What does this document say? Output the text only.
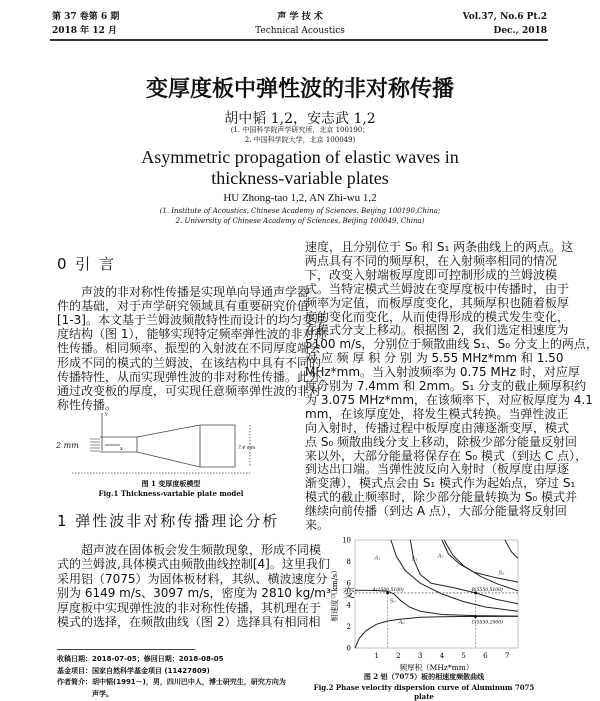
第 37 卷第 6 期
2018 年 12 月
声 学 技 术
Technical Acoustics
Vol.37, No.6 Pt.2
Dec., 2018
变厚度板中弹性波的非对称传播
胡中韬 1,2，安志武 1,2
(1. 中国科学院声学研究所，北京 100190；
2. 中国科学院大学，北京 100049)
Asymmetric propagation of elastic waves in
thickness-variable plates
HU Zhong-tao 1,2, AN Zhi-wu 1,2
(1. Institute of Acoustics, Chinese Academy of Sciences, Beijing 100190,China;
2. University of Chinese Academy of Sciences, Beijing 100049, China)
0 引 言
声波的非对称性传播是实现单向导通声学器
件的基础，对于声学研究领域具有重要研究价值
[1-3]。本文基于兰姆波频散特性而设计的均匀变厚
度结构（图 1），能够实现特定频率弹性波的非对称
性传播。相同频率、振型的入射波在不同厚度端会
形成不同的模式的兰姆波，在该结构中具有不同的
传播特性，从而实现弹性波的非对称性传播。此外，
通过改变板的厚度，可实现任意频率弹性波的非对
称性传播。
y
x
2 mm	7.4 mm
图 1 变厚度板模型
Fig.1 Thickness-variable plate model
1 弹性波非对称传播理论分析
超声波在固体板会发生频散现象，形成不同模
式的兰姆波,具体模式由频散曲线控制[4]。这里我们
采用铝（7075）为固体板材料，其纵、横波速度分
别为 6149 m/s、3097 m/s，密度为 2810 kg/m³。变
厚度板中实现弹性波的非对称性传播，其机理在于
模式的选择，在频散曲线（图 2）选择具有相同相
收稿日期：2018-07-05；修回日期：2018-08-05
基金项目：国家自然科学基金项目 (11427809)
作者简介：胡中韬(1991－)，男，四川巴中人，博士研究生，研究方向为
声学。
速度，且分别位于 S₀ 和 S₁ 两条曲线上的两点。这
两点具有不同的频厚积，在入射频率相同的情况
下，改变入射端板厚度即可控制形成的兰姆波模
式。当特定模式兰姆波在变厚度板中传播时，由于
频率为定值，而板厚度变化，其频厚积也随着板厚
度的变化而变化，从而使得形成的模式发生变化，
在模式分支上移动。根据图 2，我们选定相速度为
5100 m/s，分别位于频散曲线 S₁、S₀ 分支上的两点，
对 应 频 厚 积 分 别 为 5.55 MHz*mm 和 1.50
MHz*mm。当入射波频率为 0.75 MHz 时，对应厚
度分别为 7.4mm 和 2mm。S₁ 分支的截止频厚积约
为 3.075 MHz*mm，在该频率下，对应板厚度为 4.1
mm，在该厚度处，将发生模式转换。当弹性波正
向入射时，传播过程中板厚度由薄逐渐变厚，模式
点 S₀ 频散曲线分支上移动，除极少部分能量反射回
来以外，大部分能量将保存在 S₀ 模式（到达 C 点），
到达出口端。当弹性波反向入射时（板厚度由厚逐
渐变薄），模式点会由 S₁ 模式作为起始点，穿过 S₁
模式的截止频率时，除少部分能量转换为 S₀ 模式并
继续向前传播（到达 A 点），大部分能量将反射回
来。
1 2 3 4 5 6 7
0
2
4
6
8
10
频厚积（MHz*mm）
相速度（km/s）
A₀
S₀
A₁	S₁
A₂
S₂
A(1500,5100)	B(5550,5100)
C(5550,2900)
图 2 铝（7075）板的相速度频散曲线
Fig.2 Phase velocity dispersion curve of Aluminum 7075 plate
